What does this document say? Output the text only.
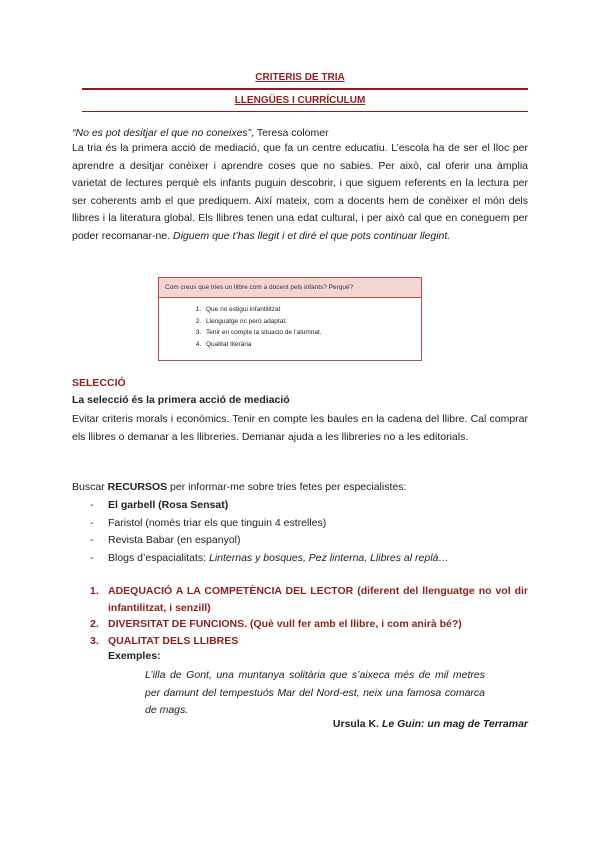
CRITERIS DE TRIA
LLENGÜES I CURRÍCULUM
“No es pot desitjar el que no coneixes”, Teresa colomer
La tria és la primera acció de mediació, que fa un centre educatiu. L’escola ha de ser el lloc per aprendre a desitjar conèixer i aprendre coses que no sabies. Per això, cal oferir una àmplia varietat de lectures perquè els infants puguin descobrir, i que siguem referents en la lectura per ser coherents amb el que prediquem. Així mateix, com a docents hem de conèixer el món dels llibres i la literatura global. Els llibres tenen una edat cultural, i per això cal que en coneguem per poder recomanar-ne. Diguem que t’has llegit i et diré el que pots continuar llegint.
Com creus que tries un llibre com a docent pels infants? Perquè?
1. Que no estigui infantilitzat
2. Llenguatge ric però adaptat.
3. Tenir en compte la situació de l’alumnat.
4. Qualitat literària
SELECCIÓ
La selecció és la primera acció de mediació
Evitar criteris morals i econòmics. Tenir en compte les baules en la cadena del llibre. Cal comprar els llibres o demanar a les llibreries. Demanar ajuda a les llibreries no a les editorials.
Buscar RECURSOS per informar-me sobre tries fetes per especialistes:
- El garbell (Rosa Sensat)
- Faristol (només triar els que tinguin 4 estrelles)
- Revista Babar (en espanyol)
- Blogs d’espacialitats: Linternas y bosques, Pez linterna, Llibres al replà…
1. ADEQUACIÓ A LA COMPETÈNCIA DEL LECTOR (diferent del llenguatge no vol dir infantilitzat, i senzill)
2. DIVERSITAT DE FUNCIONS. (Què vull fer amb el llibre, i com anirà bé?)
3. QUALITAT DELS LLIBRES
Exemples:
L’illa de Gont, una muntanya solitària que s’aixeca més de mil metres per damunt del tempestuós Mar del Nord-est, neix una famosa comarca de mags.
Ursula K. Le Guin: un mag de Terramar
